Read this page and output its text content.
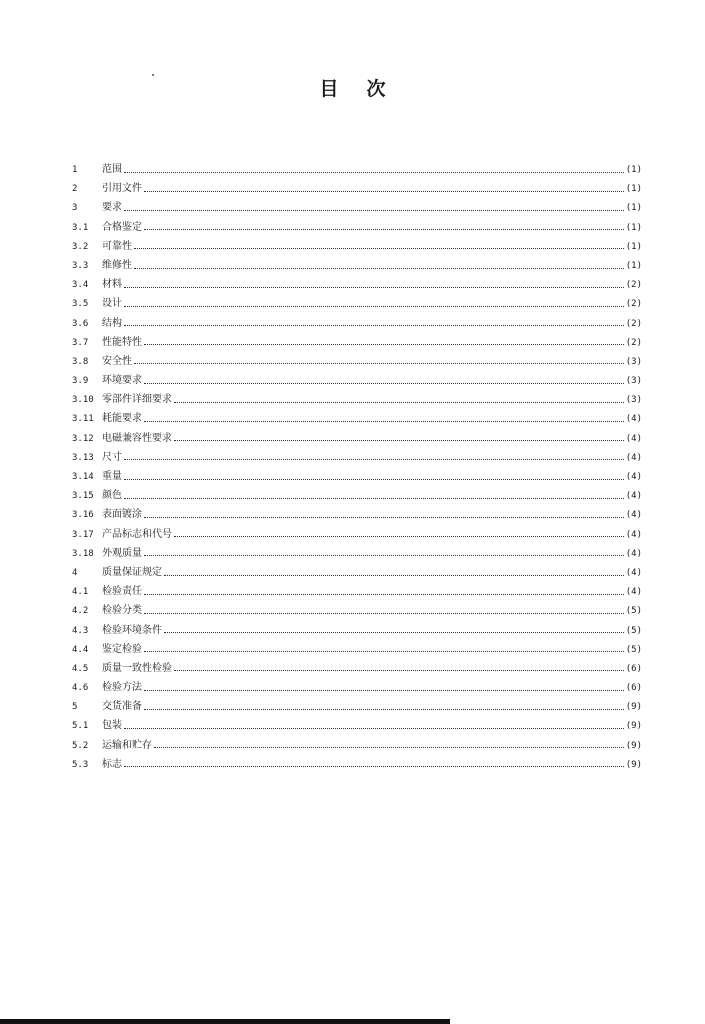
目次
1	范围	(1)
2	引用文件	(1)
3	要求	(1)
3.1	合格鉴定	(1)
3.2	可靠性	(1)
3.3	维修性	(1)
3.4	材料	(2)
3.5	设计	(2)
3.6	结构	(2)
3.7	性能特性	(2)
3.8	安全性	(3)
3.9	环境要求	(3)
3.10 零部件详细要求	(3)
3.11 耗能要求	(4)
3.12 电磁兼容性要求	(4)
3.13 尺寸	(4)
3.14 重量	(4)
3.15 颜色	(4)
3.16 表面镀涂	(4)
3.17 产品标志和代号	(4)
3.18 外观质量	(4)
4	质量保证规定	(4)
4.1	检验责任	(4)
4.2	检验分类	(5)
4.3	检验环境条件	(5)
4.4	鉴定检验	(5)
4.5	质量一致性检验	(6)
4.6	检验方法	(6)
5	交货准备	(9)
5.1	包装	(9)
5.2	运输和贮存	(9)
5.3	标志	(9)
